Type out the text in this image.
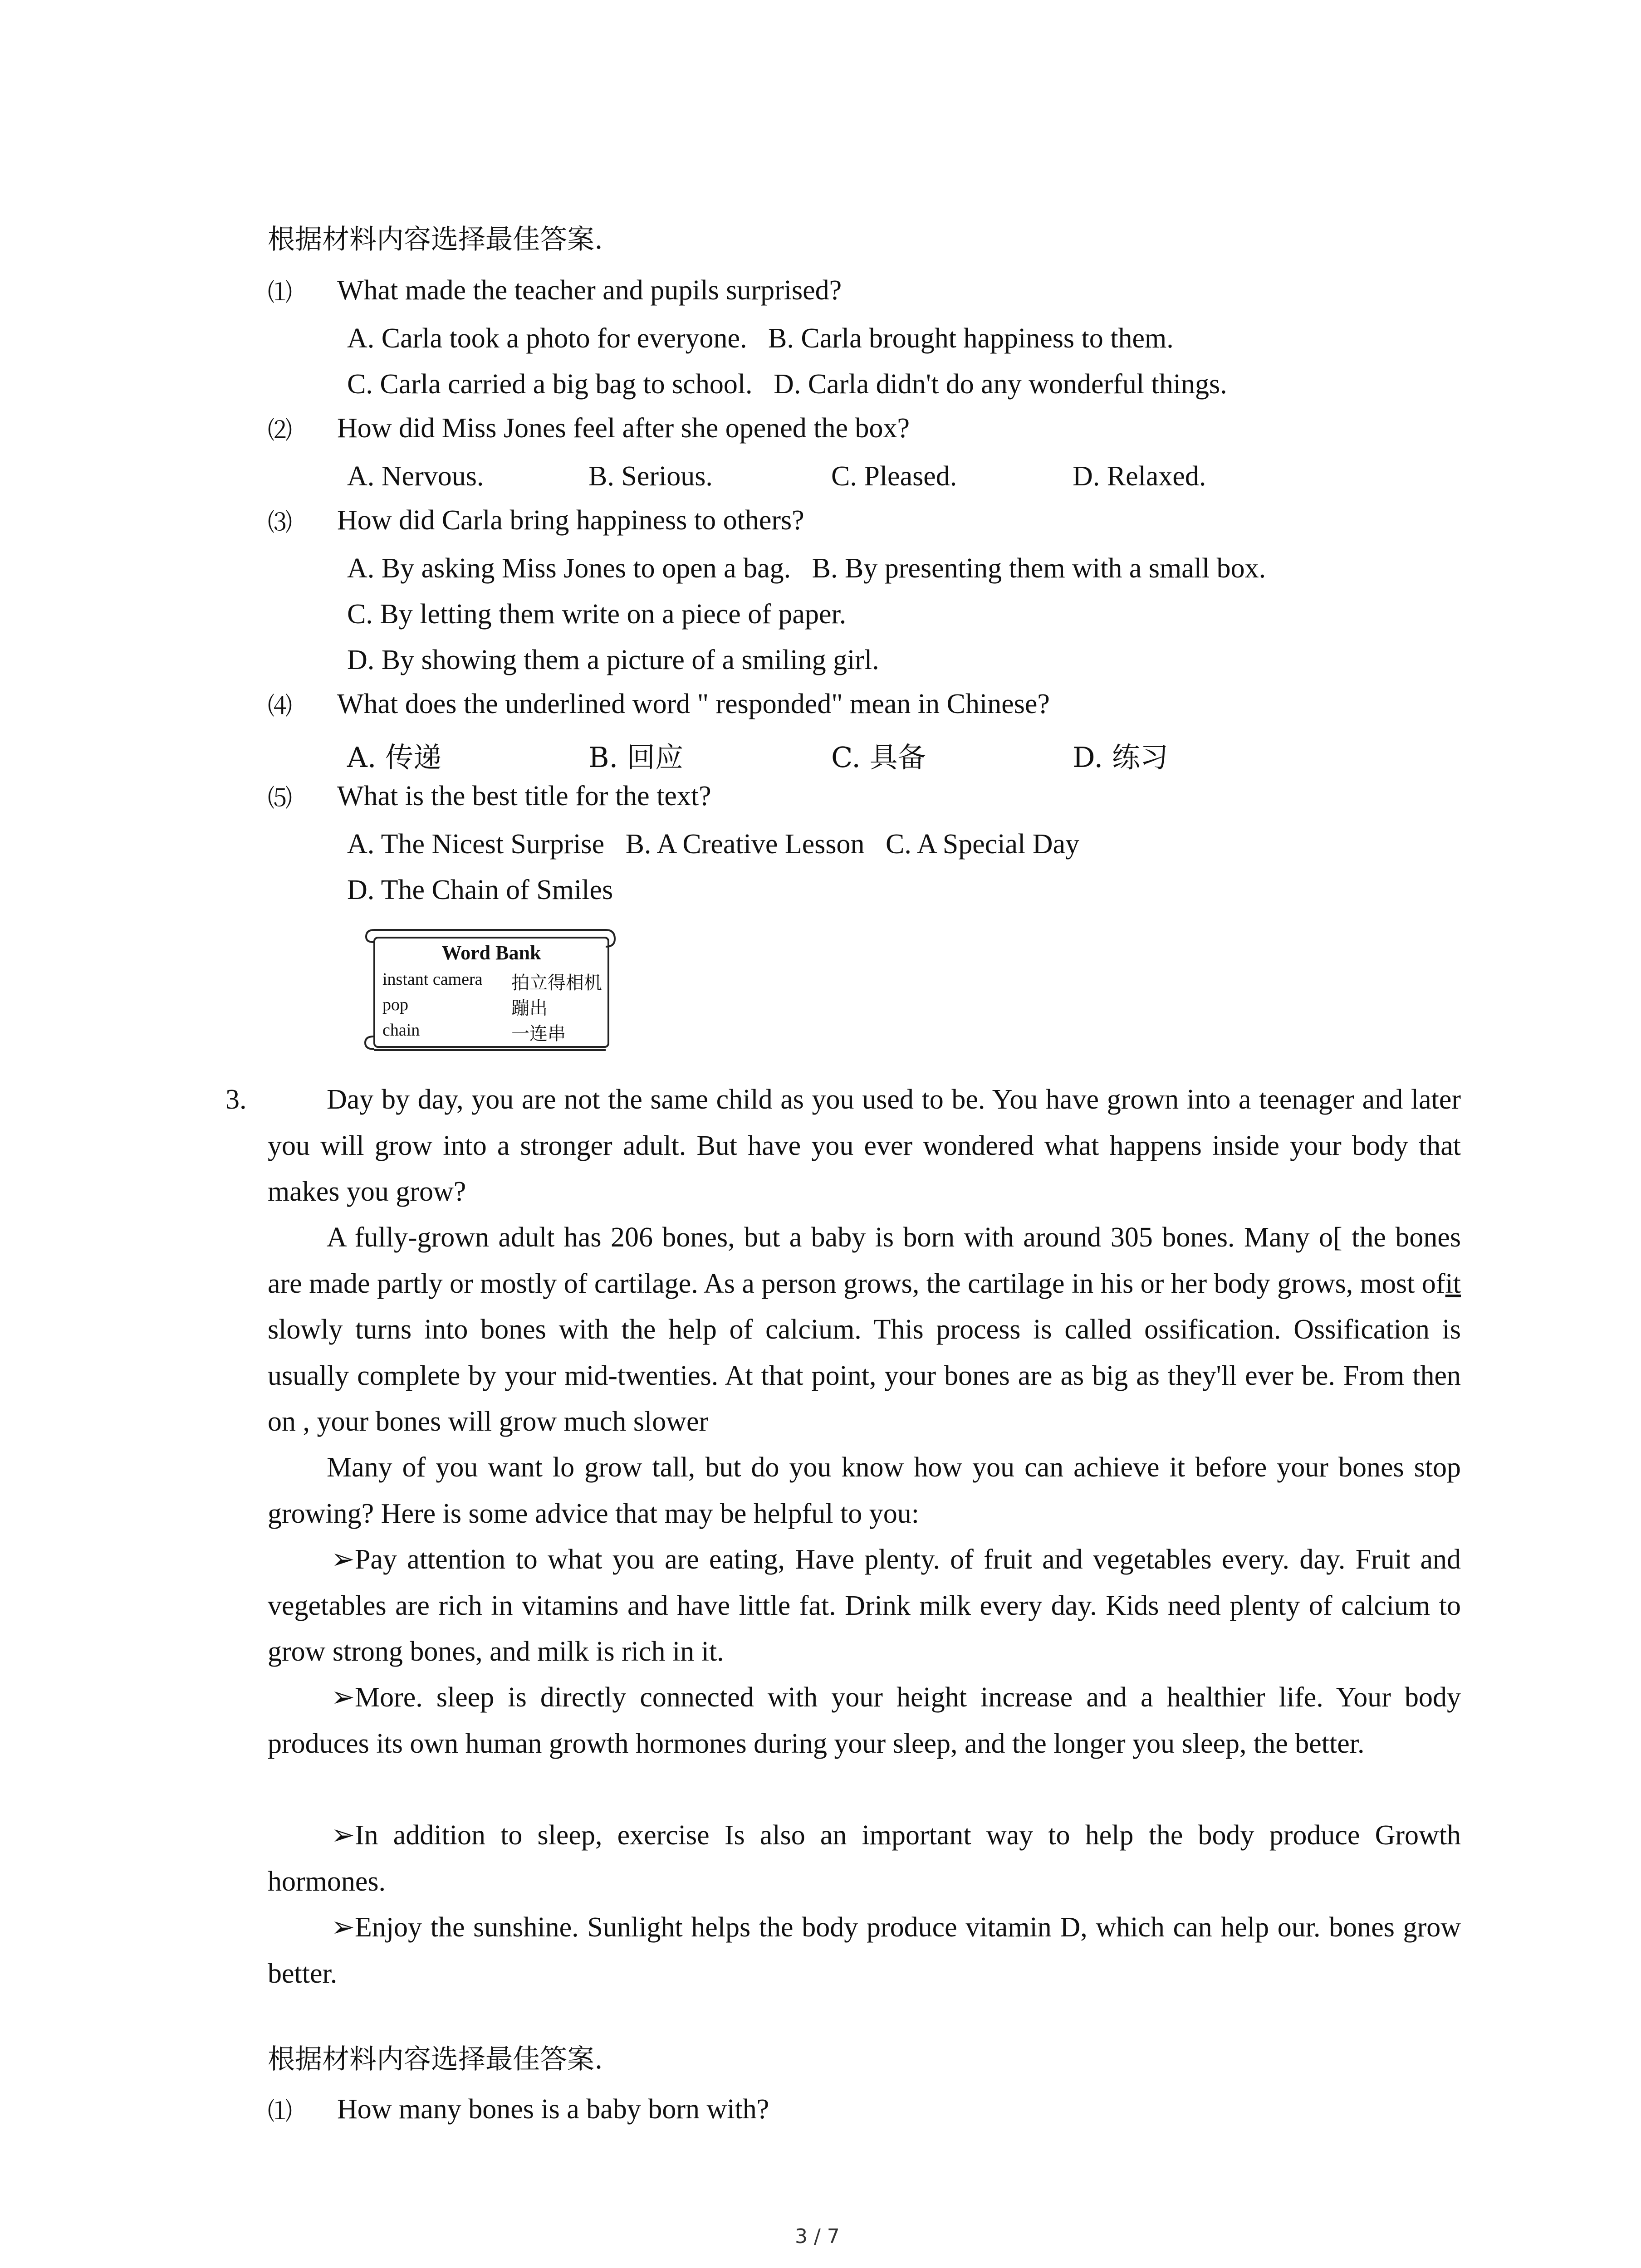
根据材料内容选择最佳答案.
⑴ What made the teacher and pupils surprised?
A. Carla took a photo for everyone.   B. Carla brought happiness to them.
C. Carla carried a big bag to school.   D. Carla didn't do any wonderful things.
⑵ How did Miss Jones feel after she opened the box?
A. Nervous.	B. Serious.	C. Pleased.	D. Relaxed.
⑶ How did Carla bring happiness to others?
A. By asking Miss Jones to open a bag.   B. By presenting them with a small box.
C. By letting them write on a piece of paper.
D. By showing them a picture of a smiling girl.
⑷ What does the underlined word " responded" mean in Chinese?
A. 传递	B. 回应	C. 具备	D. 练习
⑸ What is the best title for the text?
A. The Nicest Surprise   B. A Creative Lesson   C. A Special Day
D. The Chain of Smiles
Word Bank
instant camera 拍立得相机
pop	蹦出
chain	一连串
3.	Day by day, you are not the same child as you used to be. You have grown into a teenager and later you will grow into a stronger adult. But have you ever wondered what happens inside your body that makes you grow?
A fully-grown adult has 206 bones, but a baby is born with around 305 bones. Many o[ the bones are made partly or mostly of cartilage. As a person grows, the cartilage in his or her body grows, most ofit slowly turns into bones with the help of calcium. This process is called ossification. Ossification is usually complete by your mid-twenties. At that point, your bones are as big as they'll ever be. From then on , your bones will grow much slower
Many of you want lo grow tall, but do you know how you can achieve it before your bones stop growing? Here is some advice that may be helpful to you:
➢Pay attention to what you are eating, Have plenty. of fruit and vegetables every. day. Fruit and vegetables are rich in vitamins and have little fat. Drink milk every day. Kids need plenty of calcium to grow strong bones, and milk is rich in it.
➢More. sleep is directly connected with your height increase and a healthier life. Your body produces its own human growth hormones during your sleep, and the longer you sleep, the better.
➢In addition to sleep, exercise Is also an important way to help the body produce Growth hormones.
➢Enjoy the sunshine. Sunlight helps the body produce vitamin D, which can help our. bones grow better.
根据材料内容选择最佳答案.
⑴ How many bones is a baby born with?
3 / 7
